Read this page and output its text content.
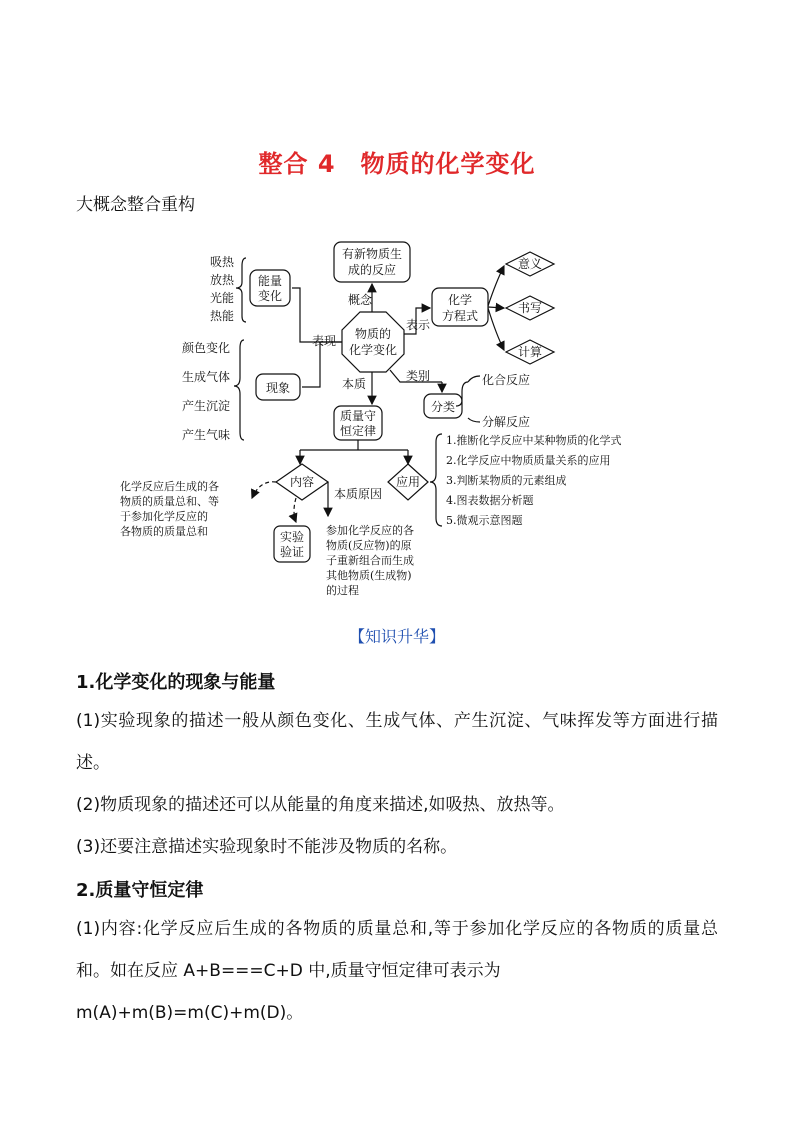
整合 4　物质的化学变化
大概念整合重构
物质的
化学变化
有新物质生
成的反应
概念
表示
表现
本质
类别
化学
方程式
意义
书写
计算
能量
变化
吸热
放热
光能
热能
现象
颜色变化
生成气体
产生沉淀
产生气味
分类
化合反应
分解反应
质量守
恒定律
内容
本质原因
应用
实验
验证
化学反应后生成的各
物质的质量总和、等
于参加化学反应的
各物质的质量总和	参加化学反应的各
物质(反应物)的原
子重新组合而生成
其他物质(生成物)
的过程
1.推断化学反应中某种物质的化学式
2.化学反应中物质质量关系的应用
3.判断某物质的元素组成
4.图表数据分析题
5.微观示意图题
【知识升华】
1.化学变化的现象与能量
(1)实验现象的描述一般从颜色变化、生成气体、产生沉淀、气味挥发等方面进行描述。
(2)物质现象的描述还可以从能量的角度来描述,如吸热、放热等。
(3)还要注意描述实验现象时不能涉及物质的名称。
2.质量守恒定律
(1)内容:化学反应后生成的各物质的质量总和,等于参加化学反应的各物质的质量总和。如在反应 A+B===C+D 中,质量守恒定律可表示为
m(A)+m(B)=m(C)+m(D)。
